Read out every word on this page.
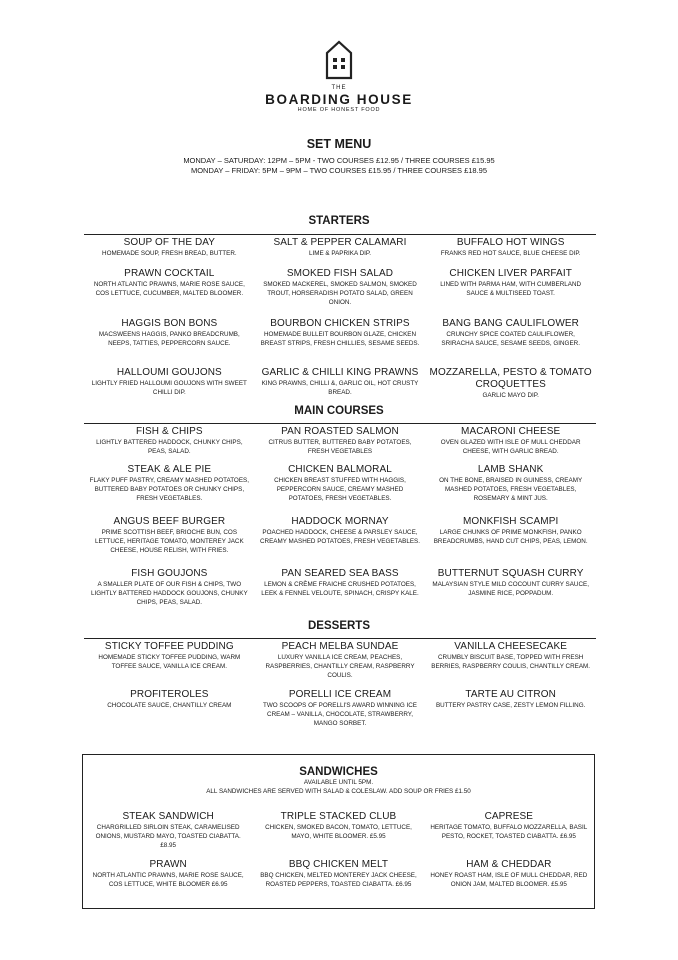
THE
BOARDING HOUSE
HOME OF HONEST FOOD
SET MENU
MONDAY – SATURDAY: 12PM – 5PM - TWO COURSES £12.95 / THREE COURSES £15.95
MONDAY – FRIDAY: 5PM – 9PM – TWO COURSES £15.95 / THREE COURSES £18.95
STARTERS
SOUP OF THE DAY
HOMEMADE SOUP, FRESH BREAD, BUTTER.
SALT & PEPPER CALAMARI
LIME & PAPRIKA DIP.
BUFFALO HOT WINGS
FRANKS RED HOT SAUCE, BLUE CHEESE DIP.
PRAWN COCKTAIL
NORTH ATLANTIC PRAWNS, MARIE ROSE SAUCE, COS LETTUCE, CUCUMBER, MALTED BLOOMER.
SMOKED FISH SALAD
SMOKED MACKEREL, SMOKED SALMON, SMOKED TROUT, HORSERADISH POTATO SALAD, GREEN ONION.
CHICKEN LIVER PARFAIT
LINED WITH PARMA HAM, WITH CUMBERLAND SAUCE & MULTISEED TOAST.
HAGGIS BON BONS
MACSWEENS HAGGIS, PANKO BREADCRUMB, NEEPS, TATTIES, PEPPERCORN SAUCE.
BOURBON CHICKEN STRIPS
HOMEMADE BULLEIT BOURBON GLAZE, CHICKEN BREAST STRIPS, FRESH CHILLIES, SESAME SEEDS.
BANG BANG CAULIFLOWER
CRUNCHY SPICE COATED CAULIFLOWER, SRIRACHA SAUCE, SESAME SEEDS, GINGER.
HALLOUMI GOUJONS
LIGHTLY FRIED HALLOUMI GOUJONS WITH SWEET CHILLI DIP.
GARLIC & CHILLI KING PRAWNS
KING PRAWNS, CHILLI &, GARLIC OIL, HOT CRUSTY BREAD.
MOZZARELLA, PESTO & TOMATO CROQUETTES
GARLIC MAYO DIP.
MAIN COURSES
FISH & CHIPS
LIGHTLY BATTERED HADDOCK, CHUNKY CHIPS, PEAS, SALAD.
PAN ROASTED SALMON
CITRUS BUTTER, BUTTERED BABY POTATOES, FRESH VEGETABLES
MACARONI CHEESE
OVEN GLAZED WITH ISLE OF MULL CHEDDAR CHEESE, WITH GARLIC BREAD.
STEAK & ALE PIE
FLAKY PUFF PASTRY, CREAMY MASHED POTATOES, BUTTERED BABY POTATOES OR CHUNKY CHIPS, FRESH VEGETABLES.
CHICKEN BALMORAL
CHICKEN BREAST STUFFED WITH HAGGIS, PEPPERCORN SAUCE, CREAMY MASHED POTATOES, FRESH VEGETABLES.
LAMB SHANK
ON THE BONE, BRAISED IN GUINESS, CREAMY MASHED POTATOES, FRESH VEGETABLES, ROSEMARY & MINT JUS.
ANGUS BEEF BURGER
PRIME SCOTTISH BEEF, BRIOCHE BUN, COS LETTUCE, HERITAGE TOMATO, MONTEREY JACK CHEESE, HOUSE RELISH, WITH FRIES.
HADDOCK MORNAY
POACHED HADDOCK, CHEESE & PARSLEY SAUCE, CREAMY MASHED POTATOES, FRESH VEGETABLES.
MONKFISH SCAMPI
LARGE CHUNKS OF PRIME MONKFISH, PANKO BREADCRUMBS, HAND CUT CHIPS, PEAS, LEMON.
FISH GOUJONS
A SMALLER PLATE OF OUR FISH & CHIPS, TWO LIGHTLY BATTERED HADDOCK GOUJONS, CHUNKY CHIPS, PEAS, SALAD.
PAN SEARED SEA BASS
LEMON & CRÈME FRAICHE CRUSHED POTATOES, LEEK & FENNEL VELOUTE, SPINACH, CRISPY KALE.
BUTTERNUT SQUASH CURRY
MALAYSIAN STYLE MILD COCOUNT CURRY SAUCE, JASMINE RICE, POPPADUM.
DESSERTS
STICKY TOFFEE PUDDING
HOMEMADE STICKY TOFFEE PUDDING, WARM TOFFEE SAUCE, VANILLA ICE CREAM.
PEACH MELBA SUNDAE
LUXURY VANILLA ICE CREAM, PEACHES, RASPBERRIES, CHANTILLY CREAM, RASPBERRY COULIS.
VANILLA CHEESECAKE
CRUMBLY BISCUIT BASE, TOPPED WITH FRESH BERRIES, RASPBERRY COULIS, CHANTILLY CREAM.
PROFITEROLES
CHOCOLATE SAUCE, CHANTILLY CREAM
PORELLI ICE CREAM
TWO SCOOPS OF PORELLI'S AWARD WINNING ICE CREAM – VANILLA, CHOCOLATE, STRAWBERRY, MANGO SORBET.
TARTE AU CITRON
BUTTERY PASTRY CASE, ZESTY LEMON FILLING.
SANDWICHES
AVAILABLE UNTIL 5PM.
ALL SANDWICHES ARE SERVED WITH SALAD & COLESLAW. ADD SOUP OR FRIES £1.50
STEAK SANDWICH
CHARGRILLED SIRLOIN STEAK, CARAMELISED ONIONS, MUSTARD MAYO, TOASTED CIABATTA. £8.95
TRIPLE STACKED CLUB
CHICKEN, SMOKED BACON, TOMATO, LETTUCE, MAYO, WHITE BLOOMER. £5.95
CAPRESE
HERITAGE TOMATO, BUFFALO MOZZARELLA, BASIL PESTO, ROCKET, TOASTED CIABATTA. £6.95
PRAWN
NORTH ATLANTIC PRAWNS, MARIE ROSE SAUCE, COS LETTUCE, WHITE BLOOMER £6.95
BBQ CHICKEN MELT
BBQ CHICKEN, MELTED MONTEREY JACK CHEESE, ROASTED PEPPERS, TOASTED CIABATTA. £6.95
HAM & CHEDDAR
HONEY ROAST HAM, ISLE OF MULL CHEDDAR, RED ONION JAM, MALTED BLOOMER. £5.95
